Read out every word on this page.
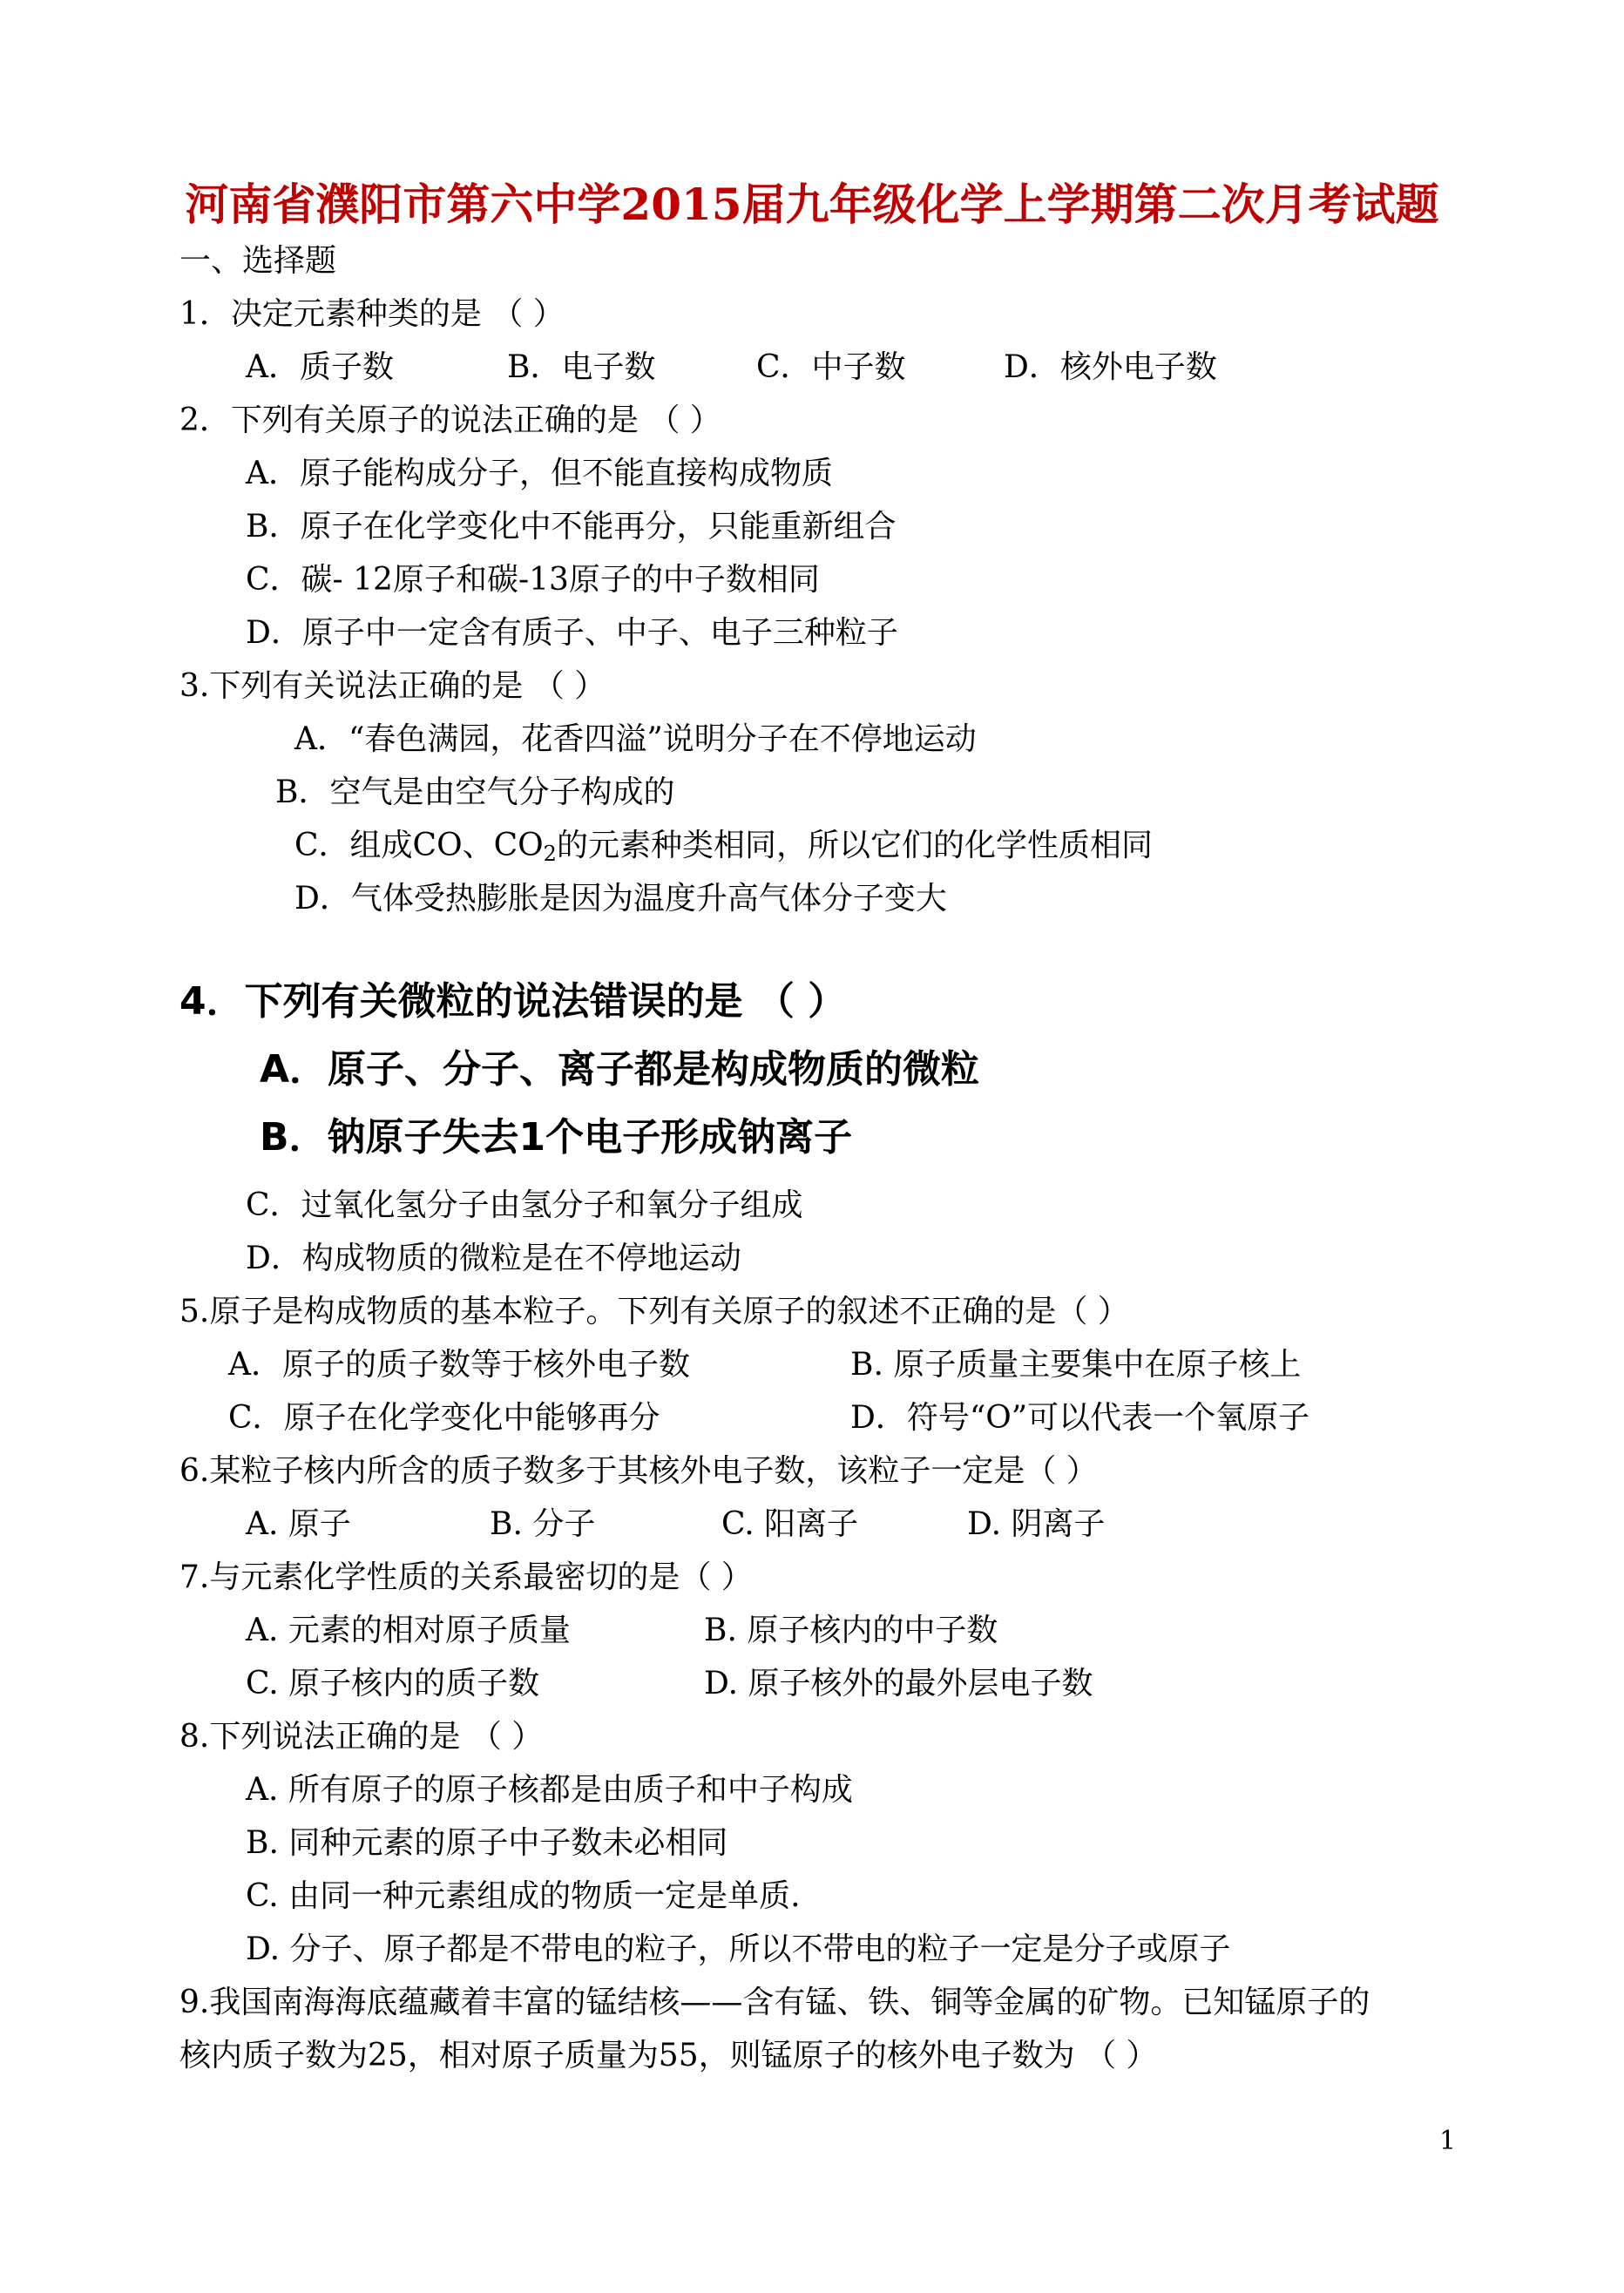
河南省濮阳市第六中学2015届九年级化学上学期第二次月考试题
一、选择题
1．决定元素种类的是 （ ）
A．质子数	B．电子数	C．中子数	D．核外电子数
2．下列有关原子的说法正确的是 （ ）
A．原子能构成分子，但不能直接构成物质
B．原子在化学变化中不能再分，只能重新组合
C．碳- 12原子和碳-13原子的中子数相同
D．原子中一定含有质子、中子、电子三种粒子
3.下列有关说法正确的是 （ ）
A．“春色满园，花香四溢”说明分子在不停地运动
B．空气是由空气分子构成的
C．组成CO、$CO_2$的元素种类相同，所以它们的化学性质相同
D．气体受热膨胀是因为温度升高气体分子变大
4．下列有关微粒的说法错误的是 （ ）
A．原子、分子、离子都是构成物质的微粒
B．钠原子失去1个电子形成钠离子
C．过氧化氢分子由氢分子和氧分子组成
D．构成物质的微粒是在不停地运动
5.原子是构成物质的基本粒子。下列有关原子的叙述不正确的是（ ）
A．原子的质子数等于核外电子数	B. 原子质量主要集中在原子核上
C．原子在化学变化中能够再分	D．符号“O”可以代表一个氧原子
6.某粒子核内所含的质子数多于其核外电子数，该粒子一定是（ ）
A. 原子	B. 分子	C. 阳离子	D. 阴离子
7.与元素化学性质的关系最密切的是（ ）
A. 元素的相对原子质量	B. 原子核内的中子数
C. 原子核内的质子数	D. 原子核外的最外层电子数
8.下列说法正确的是 （ ）
A. 所有原子的原子核都是由质子和中子构成
B. 同种元素的原子中子数未必相同
C. 由同一种元素组成的物质一定是单质.
D. 分子、原子都是不带电的粒子，所以不带电的粒子一定是分子或原子
9.我国南海海底蕴藏着丰富的锰结核——含有锰、铁、铜等金属的矿物。已知锰原子的
核内质子数为25，相对原子质量为55，则锰原子的核外电子数为 （ ）
1
